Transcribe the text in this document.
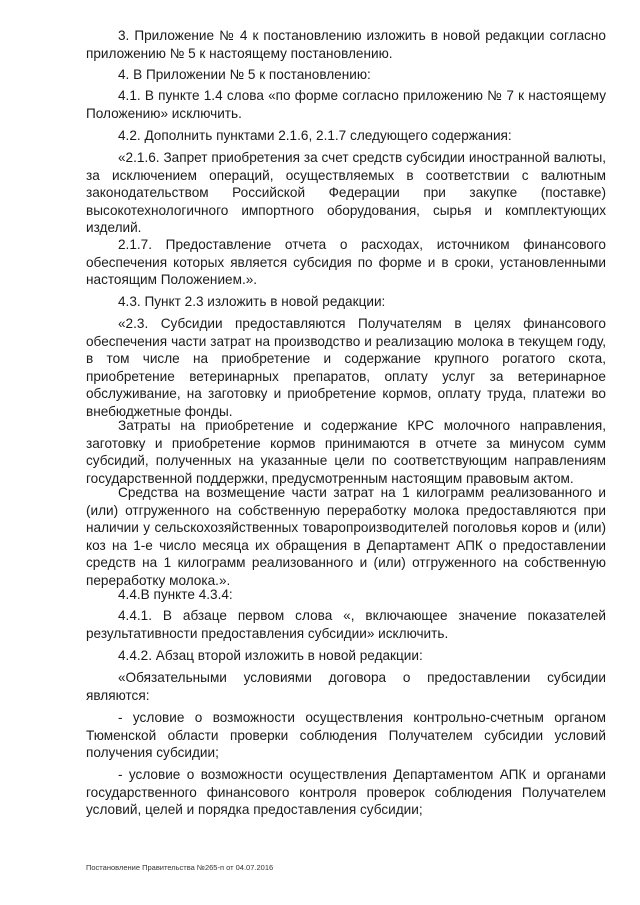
3. Приложение № 4 к постановлению изложить в новой редакции согласно приложению № 5 к настоящему постановлению.

4. В Приложении № 5 к постановлению:

4.1. В пункте 1.4 слова «по форме согласно приложению № 7 к настоящему Положению» исключить.

4.2. Дополнить пунктами 2.1.6, 2.1.7 следующего содержания:

«2.1.6. Запрет приобретения за счет средств субсидии иностранной валюты, за исключением операций, осуществляемых в соответствии с валютным законодательством Российской Федерации при закупке (поставке) высокотехнологичного импортного оборудования, сырья и комплектующих изделий.

2.1.7. Предоставление отчета о расходах, источником финансового обеспечения которых является субсидия по форме и в сроки, установленными настоящим Положением.».

4.3. Пункт 2.3 изложить в новой редакции:

«2.3. Субсидии предоставляются Получателям в целях финансового обеспечения части затрат на производство и реализацию молока в текущем году, в том числе на приобретение и содержание крупного рогатого скота, приобретение ветеринарных препаратов, оплату услуг за ветеринарное обслуживание, на заготовку и приобретение кормов, оплату труда, платежи во внебюджетные фонды.

Затраты на приобретение и содержание КРС молочного направления, заготовку и приобретение кормов принимаются в отчете за минусом сумм субсидий, полученных на указанные цели по соответствующим направлениям государственной поддержки, предусмотренным настоящим правовым актом.

Средства на возмещение части затрат на 1 килограмм реализованного и (или) отгруженного на собственную переработку молока предоставляются при наличии у сельскохозяйственных товаропроизводителей поголовья коров и (или) коз на 1-е число месяца их обращения в Департамент АПК о предоставлении средств на 1 килограмм реализованного и (или) отгруженного на собственную переработку молока.».

4.4.В пункте 4.3.4:

4.4.1. В абзаце первом слова «, включающее значение показателей результативности предоставления субсидии» исключить.

4.4.2. Абзац второй изложить в новой редакции:

«Обязательными условиями договора о предоставлении субсидии являются:

- условие о возможности осуществления контрольно-счетным органом Тюменской области проверки соблюдения Получателем субсидии условий получения субсидии;

- условие о возможности осуществления Департаментом АПК и органами государственного финансового контроля проверок соблюдения Получателем условий, целей и порядка предоставления субсидии;

Постановление Правительства №265-п от 04.07.2016
